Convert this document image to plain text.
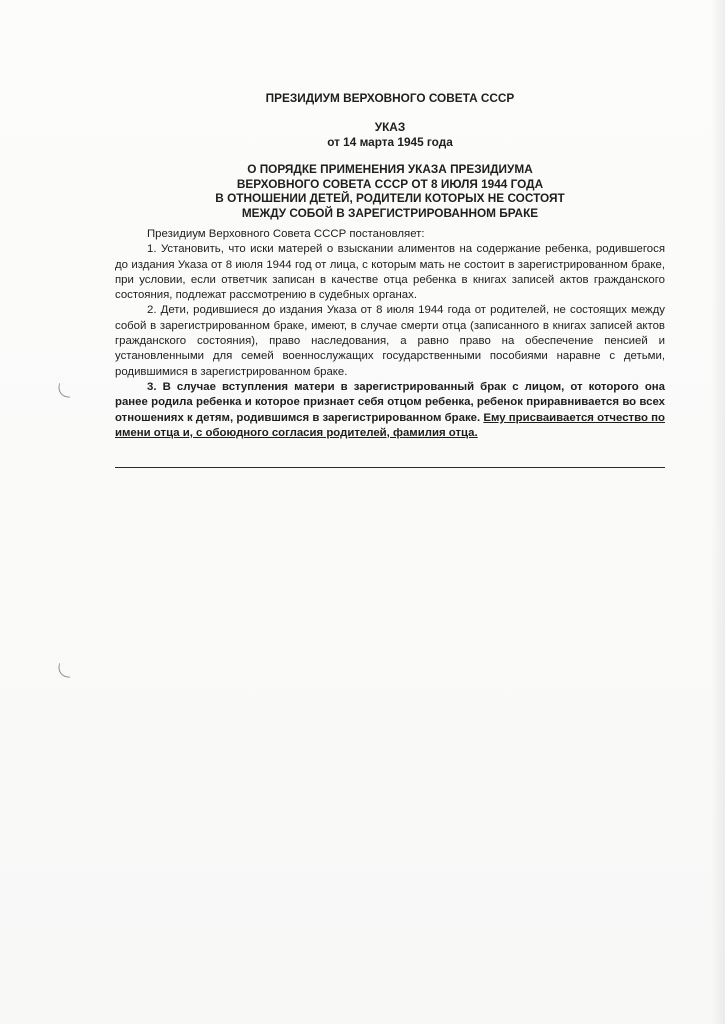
ПРЕЗИДИУМ ВЕРХОВНОГО СОВЕТА СССР
УКАЗ
от 14 марта 1945 года
О ПОРЯДКЕ ПРИМЕНЕНИЯ УКАЗА ПРЕЗИДИУМА
ВЕРХОВНОГО СОВЕТА СССР ОТ 8 ИЮЛЯ 1944 ГОДА
В ОТНОШЕНИИ ДЕТЕЙ, РОДИТЕЛИ КОТОРЫХ НЕ СОСТОЯТ
МЕЖДУ СОБОЙ В ЗАРЕГИСТРИРОВАННОМ БРАКЕ

Президиум Верховного Совета СССР постановляет:

1. Установить, что иски матерей о взыскании алиментов на содержание ребенка, родившегося до издания Указа от 8 июля 1944 год от лица, с которым мать не состоит в зарегистрированном браке, при условии, если ответчик записан в качестве отца ребенка в книгах записей актов гражданского состояния, подлежат рассмотрению в судебных органах.

2. Дети, родившиеся до издания Указа от 8 июля 1944 года от родителей, не состоящих между собой в зарегистрированном браке, имеют, в случае смерти отца (записанного в книгах записей актов гражданского состояния), право наследования, а равно право на обеспечение пенсией и установленными для семей военнослужащих государственными пособиями наравне с детьми, родившимися в зарегистрированном браке.

3. В случае вступления матери в зарегистрированный брак с лицом, от которого она ранее родила ребенка и которое признает себя отцом ребенка, ребенок приравнивается во всех отношениях к детям, родившимся в зарегистрированном браке. Ему присваивается отчество по имени отца и, с обоюдного согласия родителей, фамилия отца.
